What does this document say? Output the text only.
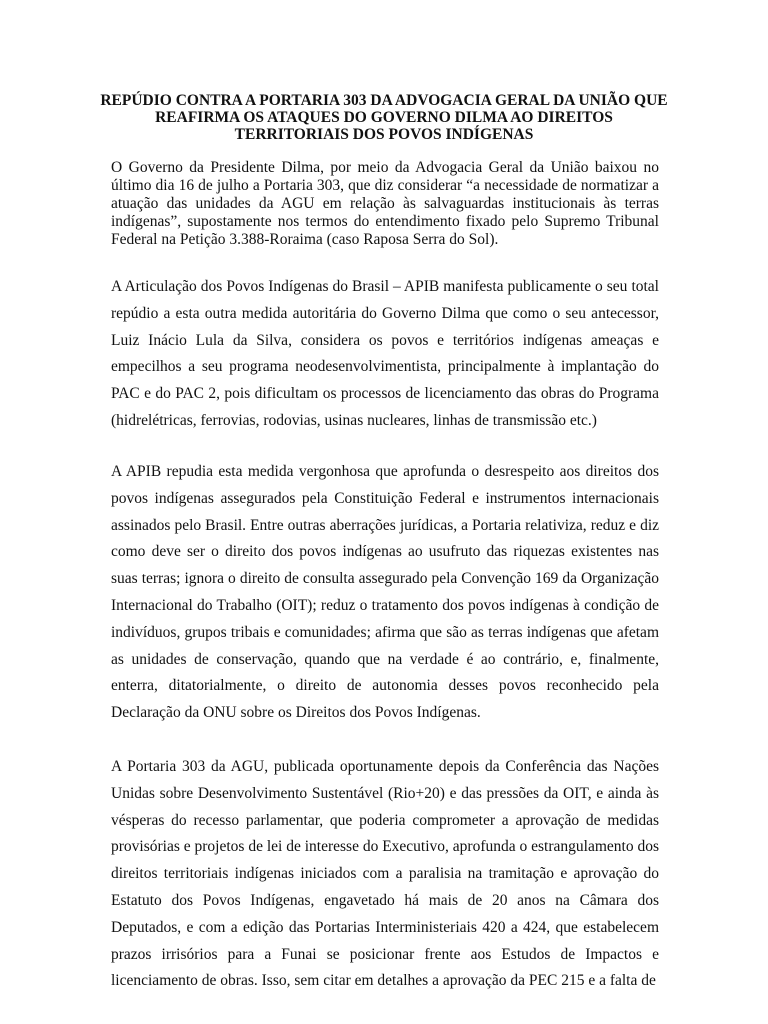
REPÚDIO CONTRA A PORTARIA 303 DA ADVOGACIA GERAL DA UNIÃO QUE REAFIRMA OS ATAQUES DO GOVERNO DILMA AO DIREITOS TERRITORIAIS DOS POVOS INDÍGENAS

O Governo da Presidente Dilma, por meio da Advogacia Geral da União baixou no último dia 16 de julho a Portaria 303, que diz considerar “a necessidade de normatizar a atuação das unidades da AGU em relação às salvaguardas institucionais às terras indígenas”, supostamente nos termos do entendimento fixado pelo Supremo Tribunal Federal na Petição 3.388-Roraima (caso Raposa Serra do Sol).

A Articulação dos Povos Indígenas do Brasil – APIB manifesta publicamente o seu total repúdio a esta outra medida autoritária do Governo Dilma que como o seu antecessor, Luiz Inácio Lula da Silva, considera os povos e territórios indígenas ameaças e empecilhos a seu programa neodesenvolvimentista, principalmente à implantação do PAC e do PAC 2, pois dificultam os processos de licenciamento das obras do Programa (hidrelétricas, ferrovias, rodovias, usinas nucleares, linhas de transmissão etc.)

A APIB repudia esta medida vergonhosa que aprofunda o desrespeito aos direitos dos povos indígenas assegurados pela Constituição Federal e instrumentos internacionais assinados pelo Brasil. Entre outras aberrações jurídicas, a Portaria relativiza, reduz e diz como deve ser o direito dos povos indígenas ao usufruto das riquezas existentes nas suas terras; ignora o direito de consulta assegurado pela Convenção 169 da Organização Internacional do Trabalho (OIT); reduz o tratamento dos povos indígenas à condição de indivíduos, grupos tribais e comunidades; afirma que são as terras indígenas que afetam as unidades de conservação, quando que na verdade é ao contrário, e, finalmente, enterra, ditatorialmente, o direito de autonomia desses povos reconhecido pela Declaração da ONU sobre os Direitos dos Povos Indígenas.

A Portaria 303 da AGU, publicada oportunamente depois da Conferência das Nações Unidas sobre Desenvolvimento Sustentável (Rio+20) e das pressões da OIT, e ainda às vésperas do recesso parlamentar, que poderia comprometer a aprovação de medidas provisórias e projetos de lei de interesse do Executivo, aprofunda o estrangulamento dos direitos territoriais indígenas iniciados com a paralisia na tramitação e aprovação do Estatuto dos Povos Indígenas, engavetado há mais de 20 anos na Câmara dos Deputados, e com a edição das Portarias Interministeriais 420 a 424, que estabelecem prazos irrisórios para a Funai se posicionar frente aos Estudos de Impactos e licenciamento de obras. Isso, sem citar em detalhes a aprovação da PEC 215 e a falta de
